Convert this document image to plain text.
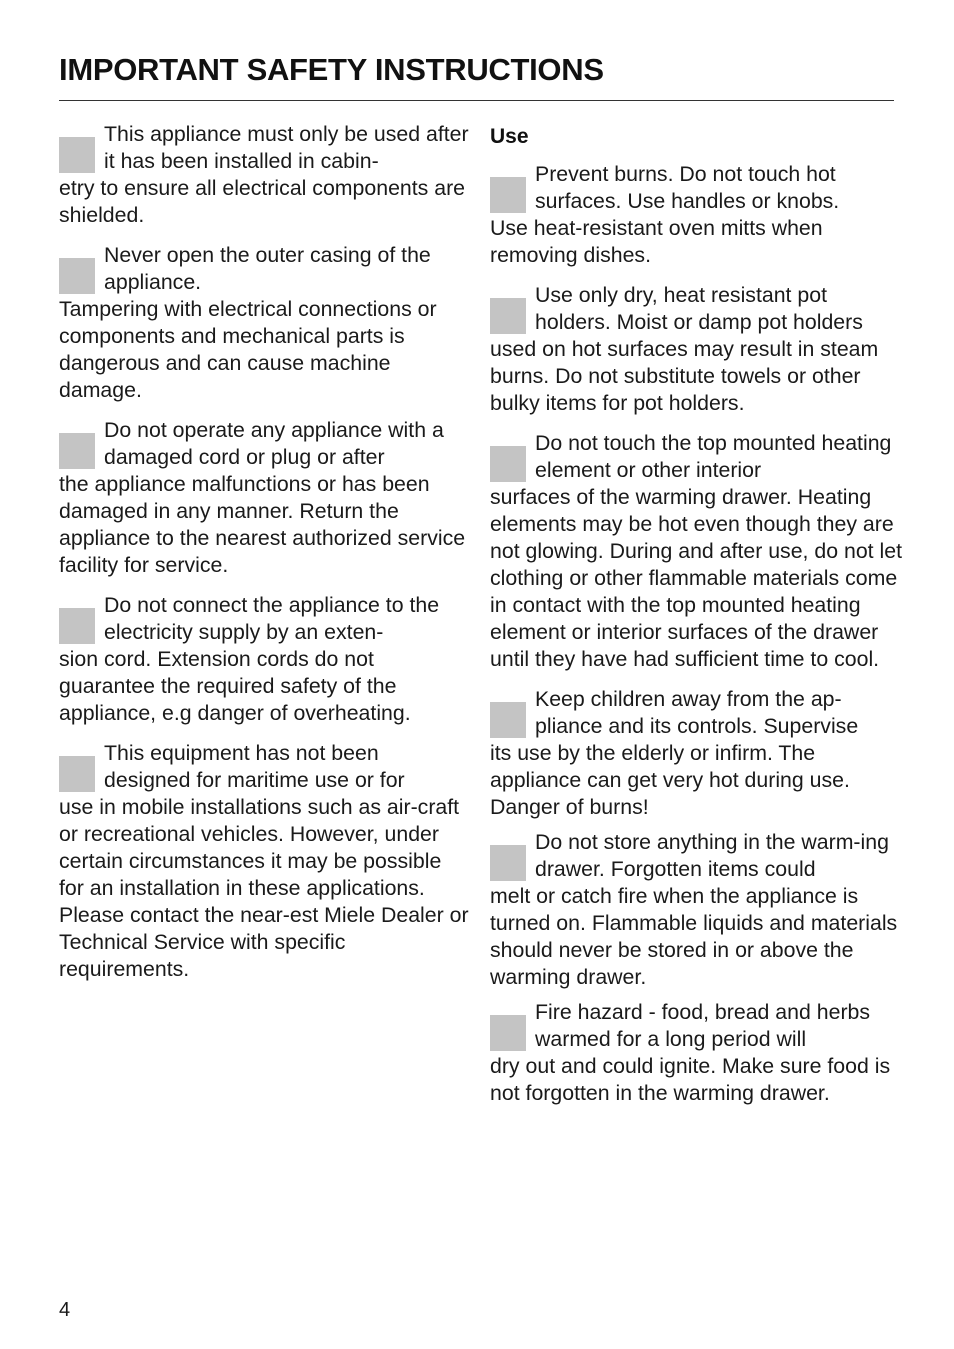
IMPORTANT SAFETY INSTRUCTIONS
This appliance must only be used after it has been installed in cabin-
etry to ensure all electrical components are shielded.
Never open the outer casing of the appliance.
Tampering with electrical connections or components and mechanical parts is dangerous and can cause machine damage.
Do not operate any appliance with a damaged cord or plug or after
the appliance malfunctions or has been damaged in any manner. Return the appliance to the nearest authorized service facility for service.
Do not connect the appliance to the electricity supply by an exten-
sion cord. Extension cords do not guarantee the required safety of the appliance, e.g danger of overheating.
This equipment has not been designed for maritime use or for
use in mobile installations such as air-craft or recreational vehicles. However, under certain circumstances it may be possible for an installation in these applications. Please contact the near-est Miele Dealer or Technical Service with specific requirements.
Use
Prevent burns. Do not touch hot surfaces. Use handles or knobs.
Use heat-resistant oven mitts when removing dishes.
Use only dry, heat resistant pot holders. Moist or damp pot holders
used on hot surfaces may result in steam burns. Do not substitute towels or other bulky items for pot holders.
Do not touch the top mounted heating element or other interior
surfaces of the warming drawer. Heating elements may be hot even though they are not glowing. During and after use, do not let clothing or other flammable materials come in contact with the top mounted heating element or interior surfaces of the drawer until they have had sufficient time to cool.
Keep children away from the ap-pliance and its controls. Supervise
its use by the elderly or infirm. The appliance can get very hot during use. Danger of burns!
Do not store anything in the warm-ing drawer. Forgotten items could
melt or catch fire when the appliance is turned on. Flammable liquids and materials should never be stored in or above the warming drawer.
Fire hazard - food, bread and herbs warmed for a long period will
dry out and could ignite. Make sure food is not forgotten in the warming drawer.
4
